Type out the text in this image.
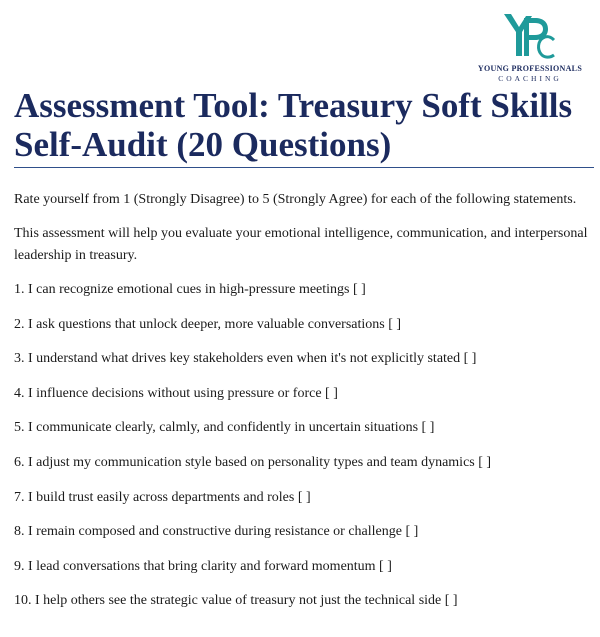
YOUNG PROFESSIONALS
COACHING
Assessment Tool: Treasury Soft Skills Self-Audit (20 Questions)

Rate yourself from 1 (Strongly Disagree) to 5 (Strongly Agree) for each of the following statements.

This assessment will help you evaluate your emotional intelligence, communication, and interpersonal leadership in treasury.

1. I can recognize emotional cues in high-pressure meetings [ ]
2. I ask questions that unlock deeper, more valuable conversations [ ]
3. I understand what drives key stakeholders even when it's not explicitly stated [ ]
4. I influence decisions without using pressure or force [ ]
5. I communicate clearly, calmly, and confidently in uncertain situations [ ]
6. I adjust my communication style based on personality types and team dynamics [ ]
7. I build trust easily across departments and roles [ ]
8. I remain composed and constructive during resistance or challenge [ ]
9. I lead conversations that bring clarity and forward momentum [ ]
10. I help others see the strategic value of treasury not just the technical side [ ]
